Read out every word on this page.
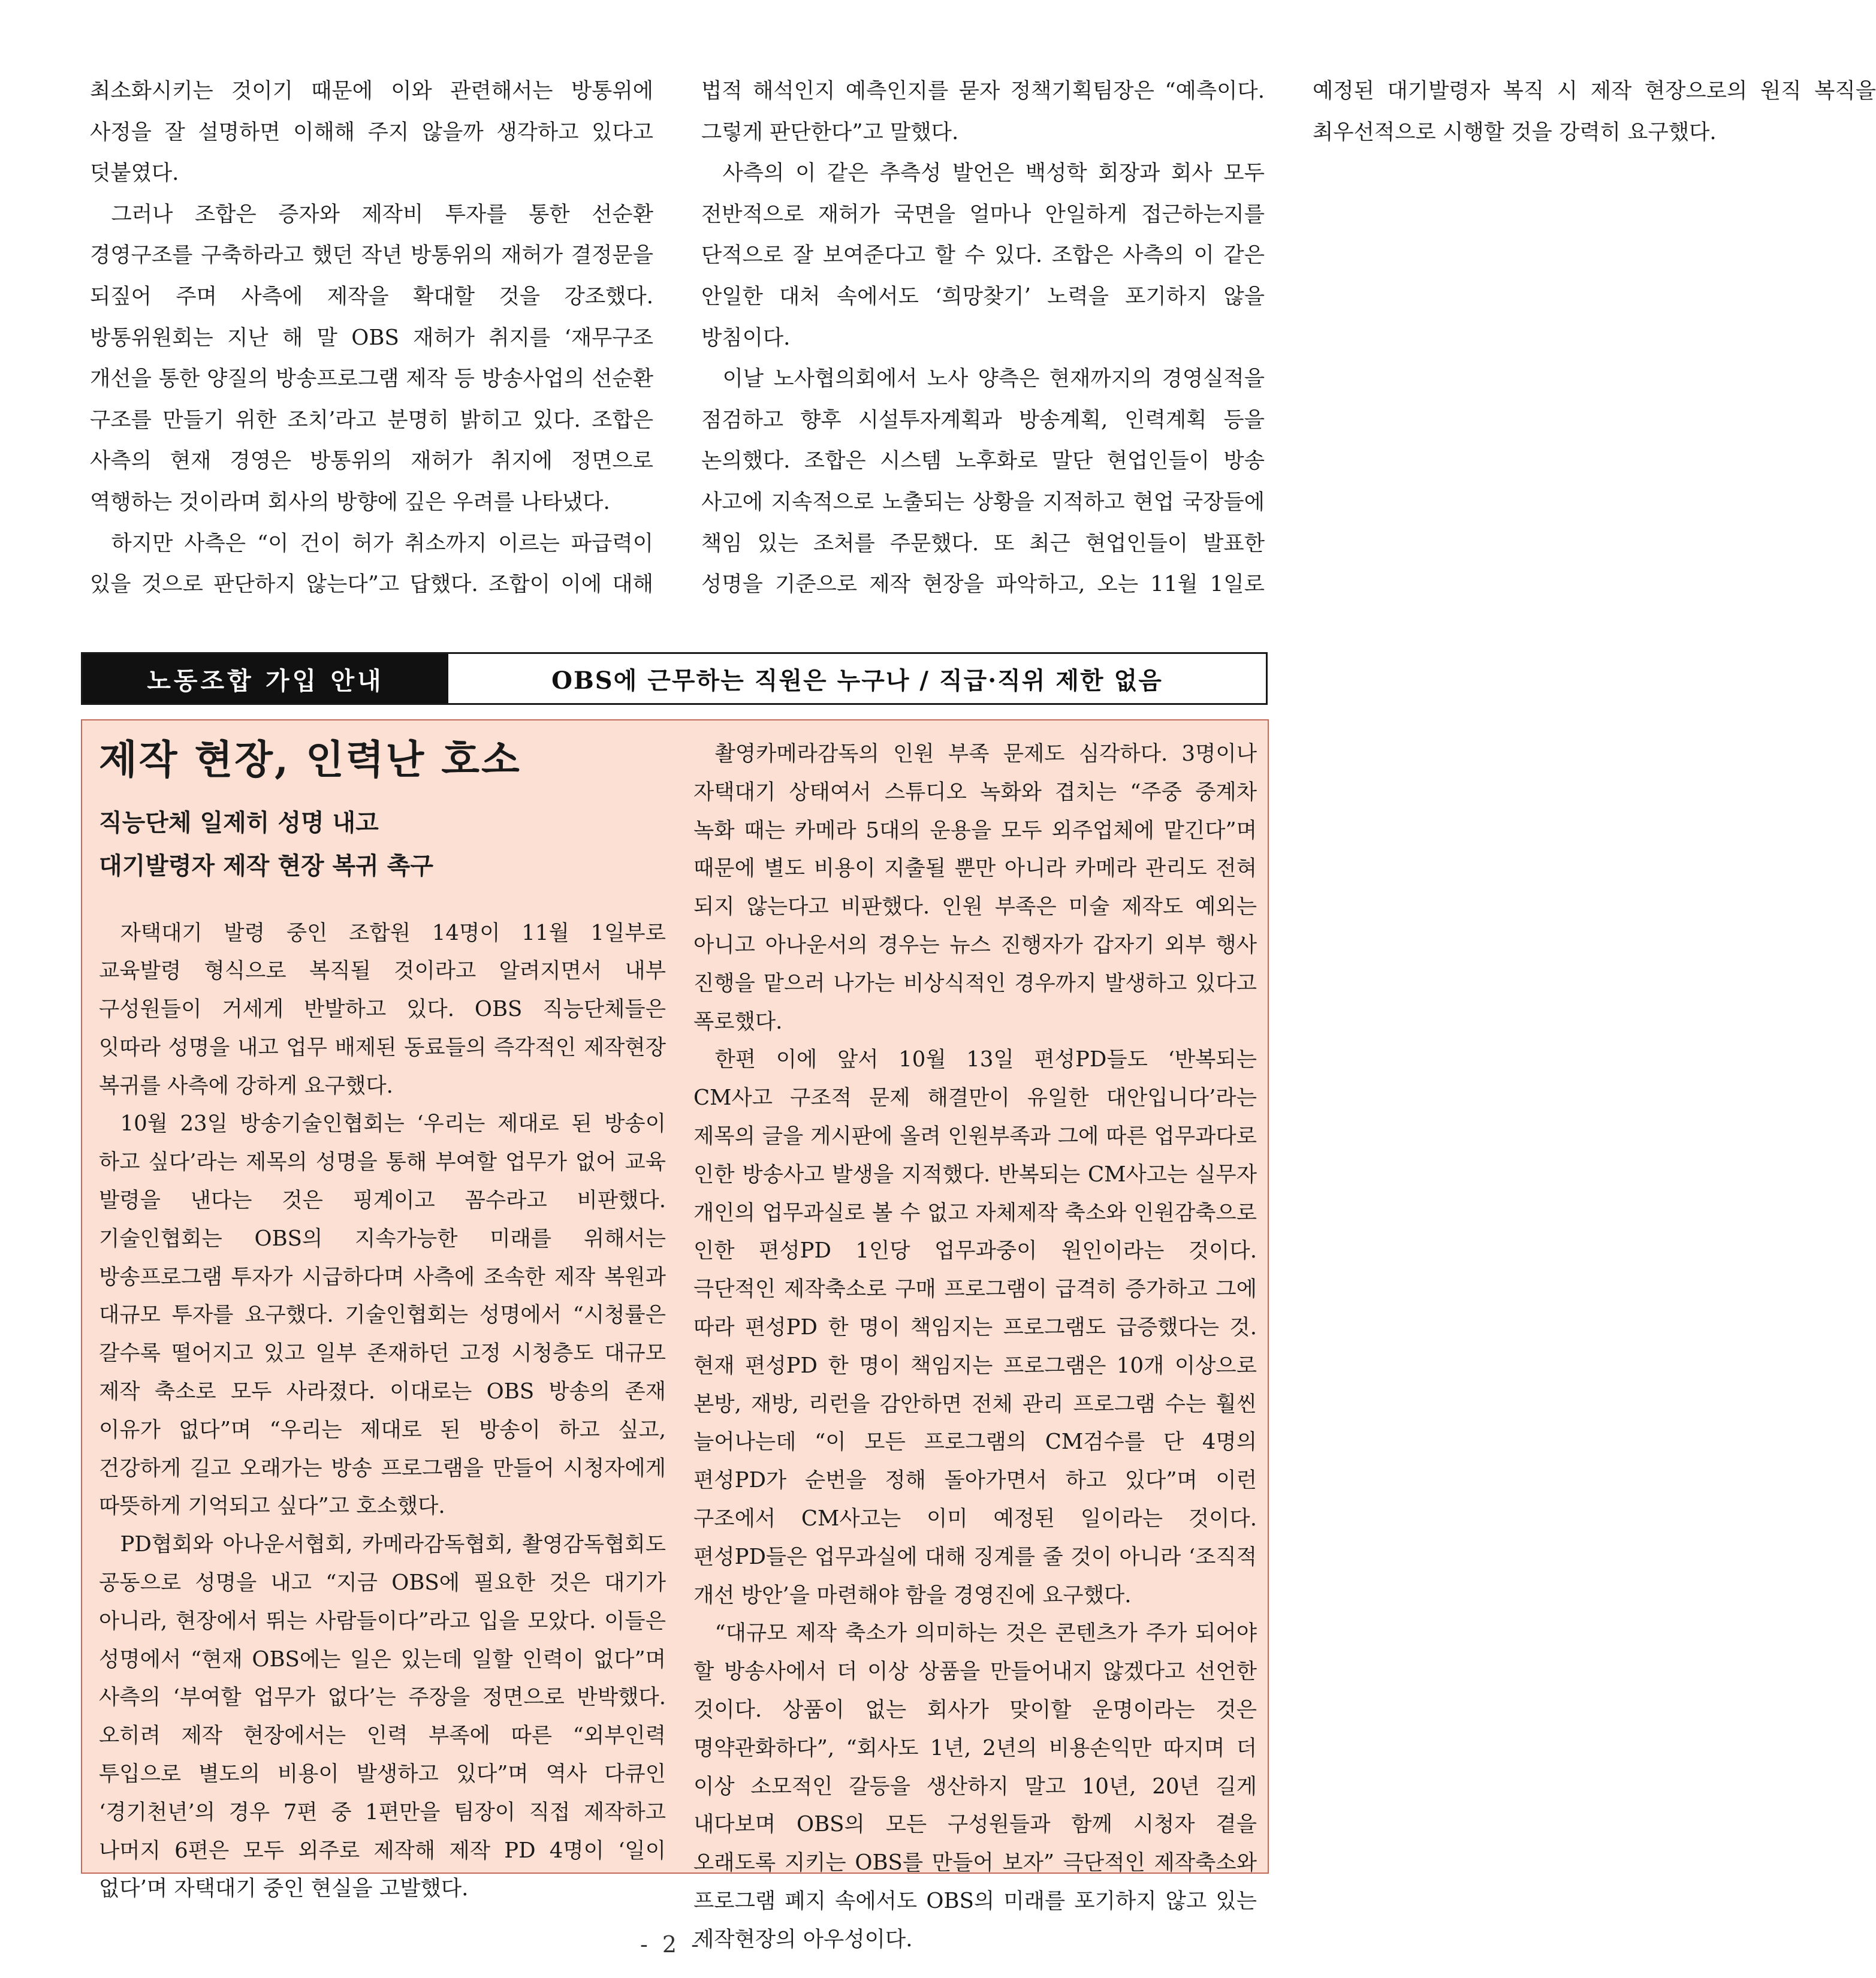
최소화시키는 것이기 때문에 이와 관련해서는 방통위에 사정을 잘 설명하면 이해해 주지 않을까 생각하고 있다고 덧붙였다.

그러나 조합은 증자와 제작비 투자를 통한 선순환 경영구조를 구축하라고 했던 작년 방통위의 재허가 결정문을 되짚어 주며 사측에 제작을 확대할 것을 강조했다. 방통위원회는 지난 해 말 OBS 재허가 취지를 ‘재무구조 개선을 통한 양질의 방송프로그램 제작 등 방송사업의 선순환 구조를 만들기 위한 조치’라고 분명히 밝히고 있다. 조합은 사측의 현재 경영은 방통위의 재허가 취지에 정면으로 역행하는 것이라며 회사의 방향에 깊은 우려를 나타냈다.

하지만 사측은 “이 건이 허가 취소까지 이르는 파급력이 있을 것으로 판단하지 않는다”고 답했다. 조합이 이에 대해 법적 해석인지 예측인지를 묻자 정책기획팀장은 “예측이다. 그렇게 판단한다”고 말했다.

사측의 이 같은 추측성 발언은 백성학 회장과 회사 모두 전반적으로 재허가 국면을 얼마나 안일하게 접근하는지를 단적으로 잘 보여준다고 할 수 있다. 조합은 사측의 이 같은 안일한 대처 속에서도 ‘희망찾기’ 노력을 포기하지 않을 방침이다.

이날 노사협의회에서 노사 양측은 현재까지의 경영실적을 점검하고 향후 시설투자계획과 방송계획, 인력계획 등을 논의했다. 조합은 시스템 노후화로 말단 현업인들이 방송 사고에 지속적으로 노출되는 상황을 지적하고 현업 국장들에 책임 있는 조처를 주문했다. 또 최근 현업인들이 발표한 성명을 기준으로 제작 현장을 파악하고, 오는 11월 1일로 예정된 대기발령자 복직 시 제작 현장으로의 원직 복직을 최우선적으로 시행할 것을 강력히 요구했다.

노동조합 가입 안내	OBS에 근무하는 직원은 누구나 / 직급·직위 제한 없음
제작 현장, 인력난 호소
직능단체 일제히 성명 내고
대기발령자 제작 현장 복귀 촉구

자택대기 발령 중인 조합원 14명이 11월 1일부로 교육발령 형식으로 복직될 것이라고 알려지면서 내부 구성원들이 거세게 반발하고 있다. OBS 직능단체들은 잇따라 성명을 내고 업무 배제된 동료들의 즉각적인 제작현장 복귀를 사측에 강하게 요구했다.

10월 23일 방송기술인협회는 ‘우리는 제대로 된 방송이 하고 싶다’라는 제목의 성명을 통해 부여할 업무가 없어 교육 발령을 낸다는 것은 핑계이고 꼼수라고 비판했다. 기술인협회는 OBS의 지속가능한 미래를 위해서는 방송프로그램 투자가 시급하다며 사측에 조속한 제작 복원과 대규모 투자를 요구했다. 기술인협회는 성명에서 “시청률은 갈수록 떨어지고 있고 일부 존재하던 고정 시청층도 대규모 제작 축소로 모두 사라졌다. 이대로는 OBS 방송의 존재 이유가 없다”며 “우리는 제대로 된 방송이 하고 싶고, 건강하게 길고 오래가는 방송 프로그램을 만들어 시청자에게 따뜻하게 기억되고 싶다”고 호소했다.

PD협회와 아나운서협회, 카메라감독협회, 촬영감독협회도 공동으로 성명을 내고 “지금 OBS에 필요한 것은 대기가 아니라, 현장에서 뛰는 사람들이다”라고 입을 모았다. 이들은 성명에서 “현재 OBS에는 일은 있는데 일할 인력이 없다”며 사측의 ‘부여할 업무가 없다’는 주장을 정면으로 반박했다. 오히려 제작 현장에서는 인력 부족에 따른 “외부인력 투입으로 별도의 비용이 발생하고 있다”며 역사 다큐인 ‘경기천년’의 경우 7편 중 1편만을 팀장이 직접 제작하고 나머지 6편은 모두 외주로 제작해 제작 PD 4명이 ‘일이 없다’며 자택대기 중인 현실을 고발했다.

촬영카메라감독의 인원 부족 문제도 심각하다. 3명이나 자택대기 상태여서 스튜디오 녹화와 겹치는 “주중 중계차 녹화 때는 카메라 5대의 운용을 모두 외주업체에 맡긴다”며 때문에 별도 비용이 지출될 뿐만 아니라 카메라 관리도 전혀 되지 않는다고 비판했다. 인원 부족은 미술 제작도 예외는 아니고 아나운서의 경우는 뉴스 진행자가 갑자기 외부 행사 진행을 맡으러 나가는 비상식적인 경우까지 발생하고 있다고 폭로했다.

한편 이에 앞서 10월 13일 편성PD들도 ‘반복되는 CM사고 구조적 문제 해결만이 유일한 대안입니다’라는 제목의 글을 게시판에 올려 인원부족과 그에 따른 업무과다로 인한 방송사고 발생을 지적했다. 반복되는 CM사고는 실무자 개인의 업무과실로 볼 수 없고 자체제작 축소와 인원감축으로 인한 편성PD 1인당 업무과중이 원인이라는 것이다. 극단적인 제작축소로 구매 프로그램이 급격히 증가하고 그에 따라 편성PD 한 명이 책임지는 프로그램도 급증했다는 것. 현재 편성PD 한 명이 책임지는 프로그램은 10개 이상으로 본방, 재방, 리런을 감안하면 전체 관리 프로그램 수는 훨씬 늘어나는데 “이 모든 프로그램의 CM검수를 단 4명의 편성PD가 순번을 정해 돌아가면서 하고 있다”며 이런 구조에서 CM사고는 이미 예정된 일이라는 것이다. 편성PD들은 업무과실에 대해 징계를 줄 것이 아니라 ‘조직적 개선 방안’을 마련해야 함을 경영진에 요구했다.

“대규모 제작 축소가 의미하는 것은 콘텐츠가 주가 되어야 할 방송사에서 더 이상 상품을 만들어내지 않겠다고 선언한 것이다. 상품이 없는 회사가 맞이할 운명이라는 것은 명약관화하다”, “회사도 1년, 2년의 비용손익만 따지며 더 이상 소모적인 갈등을 생산하지 말고 10년, 20년 길게 내다보며 OBS의 모든 구성원들과 함께 시청자 곁을 오래도록 지키는 OBS를 만들어 보자” 극단적인 제작축소와 프로그램 폐지 속에서도 OBS의 미래를 포기하지 않고 있는 제작현장의 아우성이다.

- 2 -
